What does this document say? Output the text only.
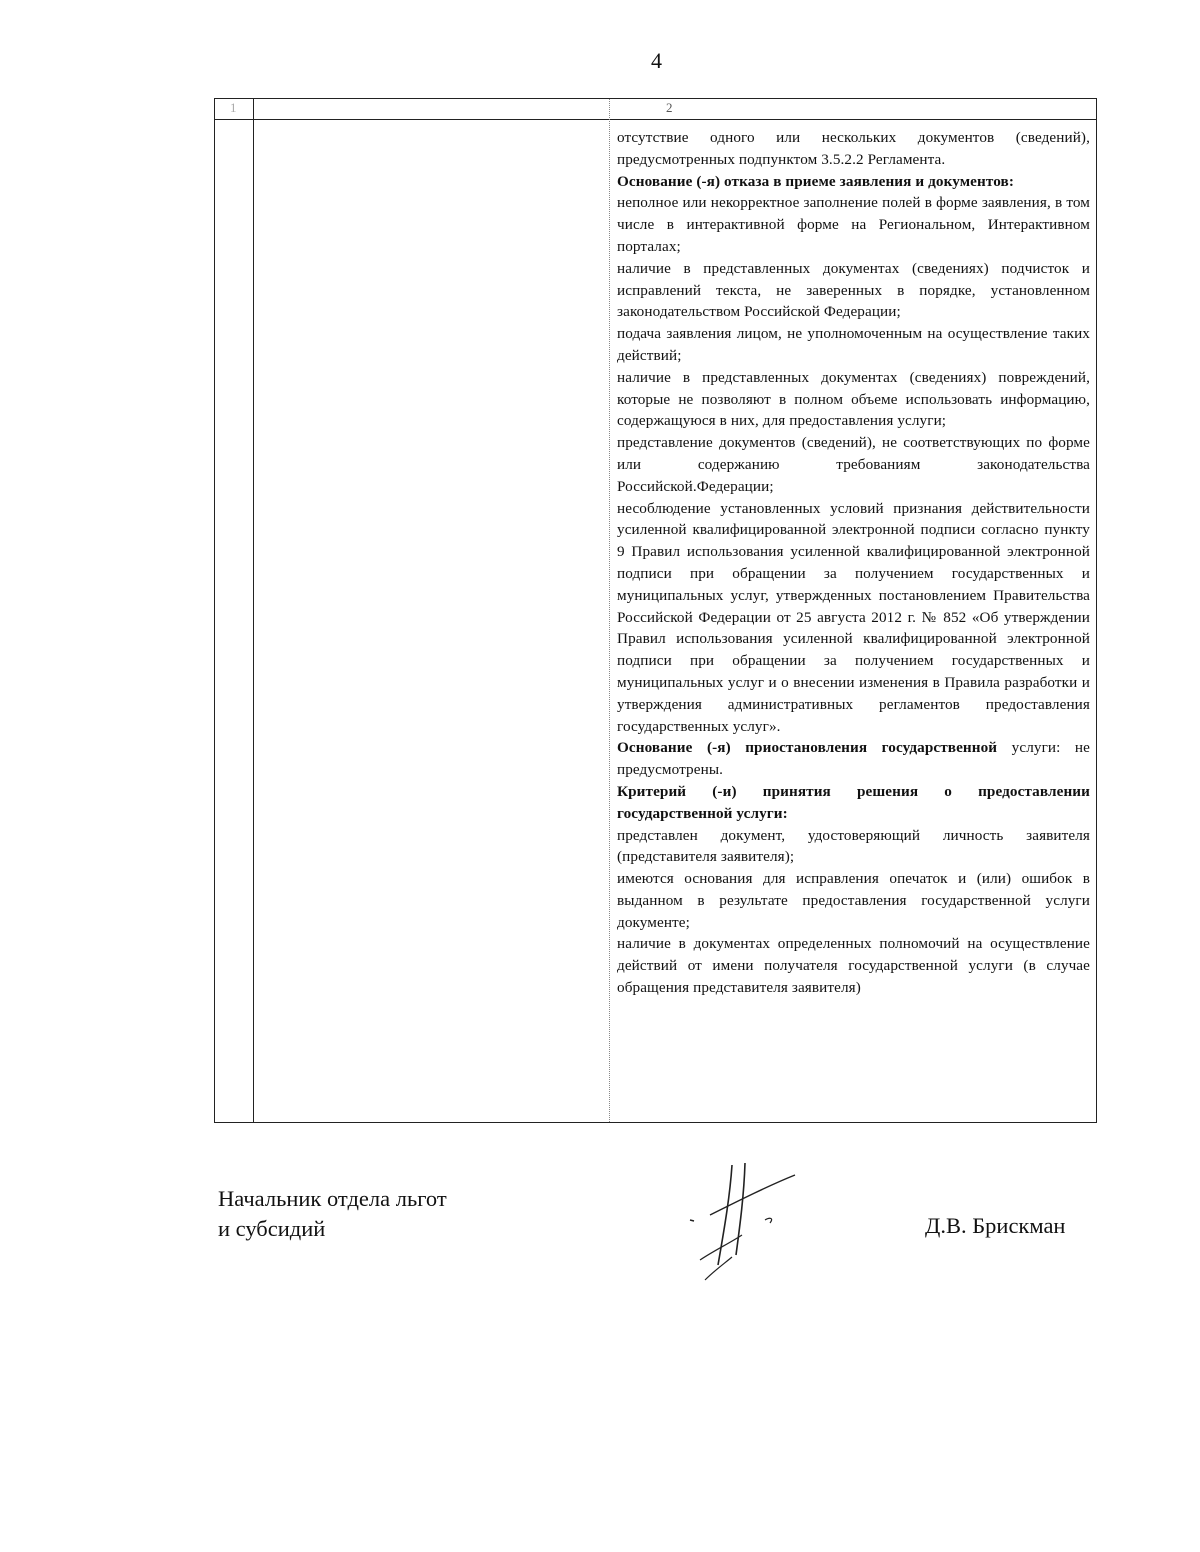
4
1	2

отсутствие одного или нескольких документов (сведений), предусмотренных подпунктом 3.5.2.2 Регламента.

Основание (-я) отказа в приеме заявления и документов:

неполное или некорректное заполнение полей в форме заявления, в том числе в интерактивной форме на Региональном, Интерактивном порталах;

наличие в представленных документах (сведениях) подчисток и исправлений текста, не заверенных в порядке, установленном законодательством Российской Федерации;

подача заявления лицом, не уполномоченным на осуществление таких действий;

наличие в представленных документах (сведениях) повреждений, которые не позволяют в полном объеме использовать информацию, содержащуюся в них, для предоставления услуги;

представление документов (сведений), не соответствующих по форме или содержанию требованиям законодательства Российской.Федерации;

несоблюдение установленных условий признания действительности усиленной квалифицированной электронной подписи согласно пункту 9 Правил использования усиленной квалифицированной электронной подписи при обращении за получением государственных и муниципальных услуг, утвержденных постановлением Правительства Российской Федерации от 25 августа 2012 г. № 852 «Об утверждении Правил использования усиленной квалифицированной электронной подписи при обращении за получением государственных и муниципальных услуг и о внесении изменения в Правила разработки и утверждения административных регламентов предоставления государственных услуг».

Основание (-я) приостановления государственной услуги: не предусмотрены.

Критерий (-и) принятия решения о предоставлении государственной услуги:

представлен документ, удостоверяющий личность заявителя (представителя заявителя);

имеются основания для исправления опечаток и (или) ошибок в выданном в результате предоставления государственной услуги документе;

наличие в документах определенных полномочий на осуществление действий от имени получателя государственной услуги (в случае обращения представителя заявителя)

Начальник отдела льгот
и субсидий	Д.В. Брискман
